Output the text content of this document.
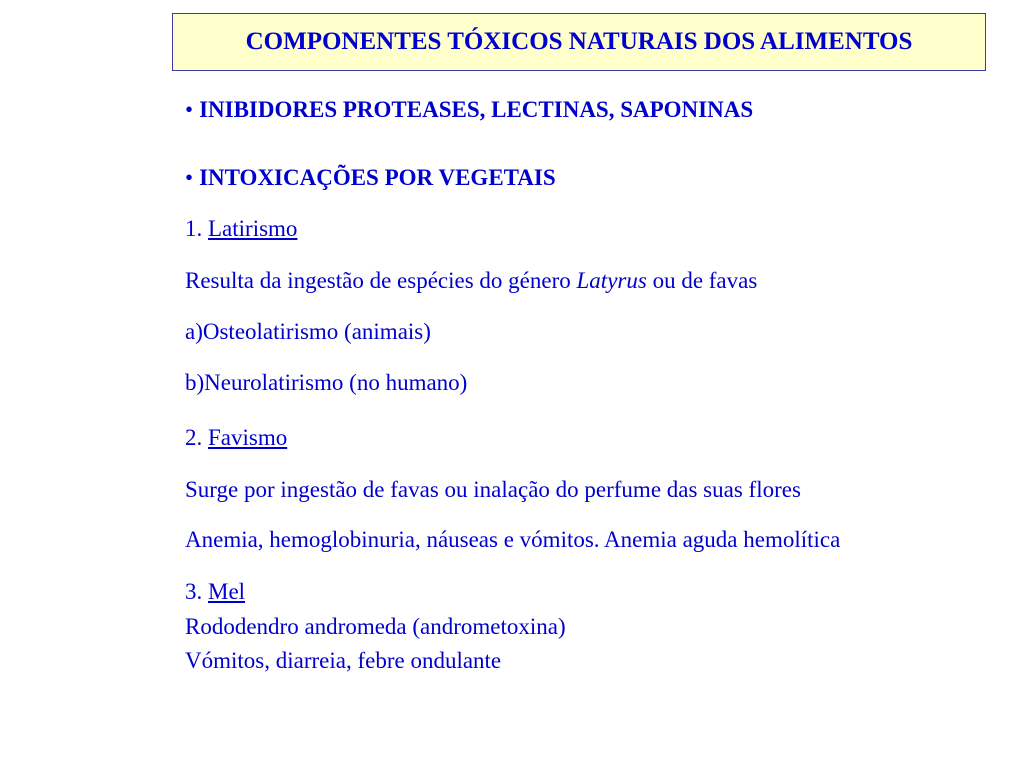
COMPONENTES TÓXICOS NATURAIS DOS ALIMENTOS
• INIBIDORES PROTEASES, LECTINAS, SAPONINAS
• INTOXICAÇÕES POR VEGETAIS
1. Latirismo
Resulta da ingestão de espécies do género Latyrus ou de favas
a)Osteolatirismo (animais)
b)Neurolatirismo (no humano)
2. Favismo
Surge por ingestão de favas ou inalação do perfume das suas flores
Anemia, hemoglobinuria, náuseas e vómitos. Anemia aguda hemolítica
3. Mel
Rododendro andromeda (andrometoxina)
Vómitos, diarreia, febre ondulante
